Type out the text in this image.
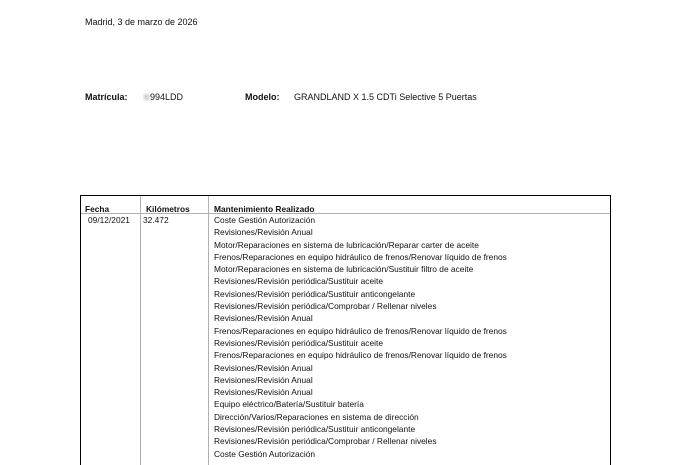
Madrid, 3 de marzo de 2026
Matrícula:	994LDD	Modelo: GRANDLAND X 1.5 CDTi Selective 5 Puertas
Fecha	Kilómetros	Mantenimiento Realizado
09/12/2021 32.472	Coste Gestión Autorización
Revisiones/Revisión Anual
Motor/Reparaciones en sistema de lubricación/Reparar carter de aceite
Frenos/Reparaciones en equipo hidráulico de frenos/Renovar líquido de frenos
Motor/Reparaciones en sistema de lubricación/Sustituir filtro de aceite
Revisiones/Revisión periódica/Sustituir aceite
Revisiones/Revisión periódica/Sustituir anticongelante
Revisiones/Revisión periódica/Comprobar / Rellenar niveles
Revisiones/Revisión Anual
Frenos/Reparaciones en equipo hidráulico de frenos/Renovar líquido de frenos
Revisiones/Revisión periódica/Sustituir aceite
Frenos/Reparaciones en equipo hidráulico de frenos/Renovar líquido de frenos
Revisiones/Revisión Anual
Revisiones/Revisión Anual
Revisiones/Revisión Anual
Equipo eléctrico/Batería/Sustituir batería
Dirección/Varios/Reparaciones en sistema de dirección
Revisiones/Revisión periódica/Sustituir anticongelante
Revisiones/Revisión periódica/Comprobar / Rellenar niveles
Coste Gestión Autorización
